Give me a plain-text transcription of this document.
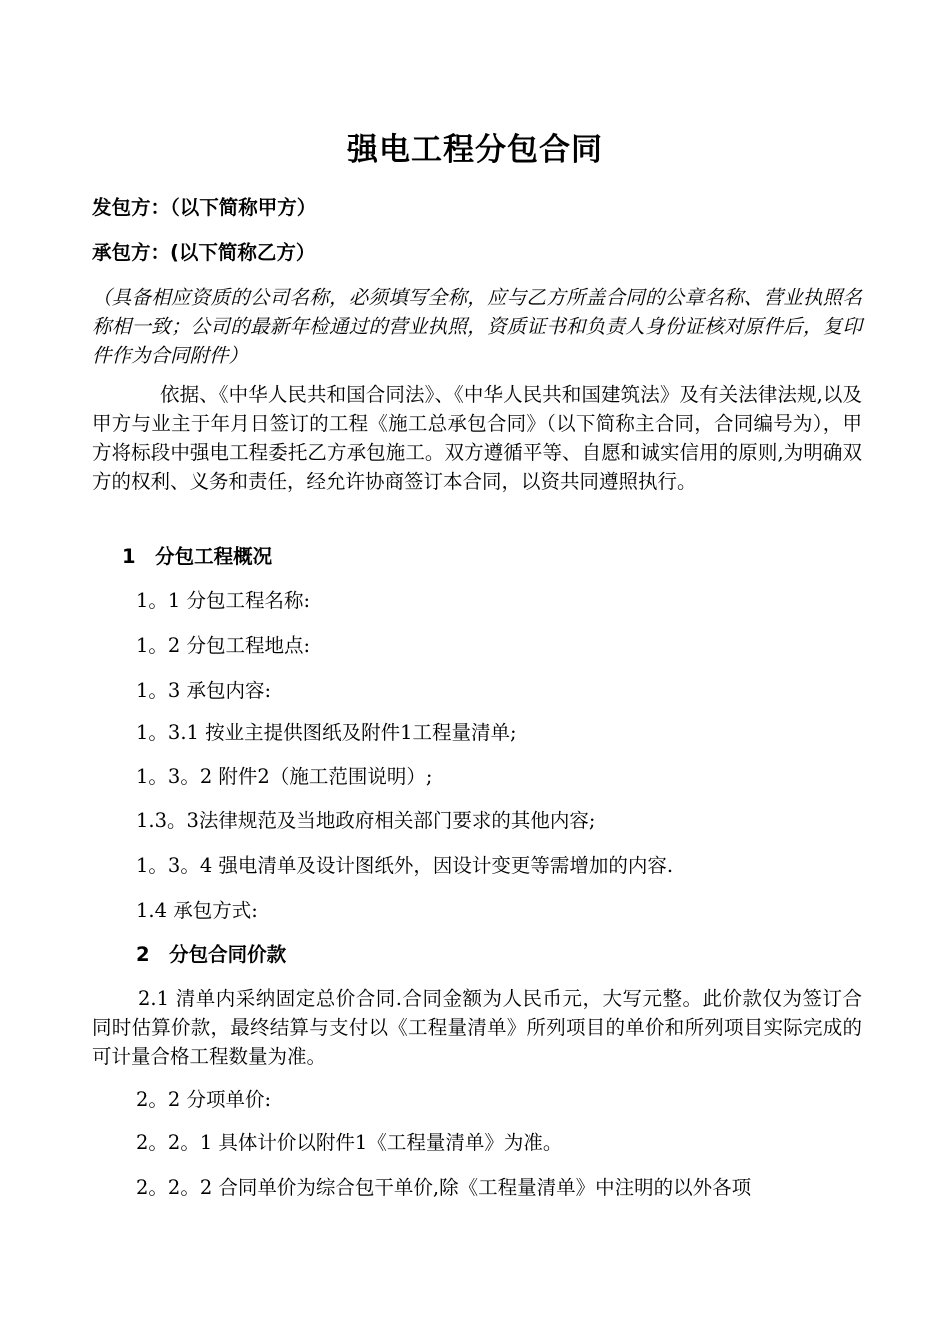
强电工程分包合同
发包方：（以下简称甲方）
承包方：(以下简称乙方）
（具备相应资质的公司名称，必须填写全称，应与乙方所盖合同的公章名称、营业执照名称相一致；公司的最新年检通过的营业执照，资质证书和负责人身份证核对原件后，复印件作为合同附件）
依据、《中华人民共和国合同法》、《中华人民共和国建筑法》及有关法律法规,以及甲方与业主于年月日签订的工程《施工总承包合同》（以下简称主合同，合同编号为），甲方将标段中强电工程委托乙方承包施工。双方遵循平等、自愿和诚实信用的原则,为明确双方的权利、义务和责任，经允许协商签订本合同，以资共同遵照执行。
1　分包工程概况
1。1 分包工程名称:
1。2 分包工程地点:
1。3 承包内容:
1。3.1 按业主提供图纸及附件1工程量清单;
1。3。2 附件2（施工范围说明）;
1.3。3法律规范及当地政府相关部门要求的其他内容;
1。3。4 强电清单及设计图纸外，因设计变更等需增加的内容.
1.4 承包方式:
2　分包合同价款
2.1 清单内采纳固定总价合同.合同金额为人民币元，大写元整。此价款仅为签订合同时估算价款，最终结算与支付以《工程量清单》所列项目的单价和所列项目实际完成的可计量合格工程数量为准。
2。2 分项单价:
2。2。1 具体计价以附件1《工程量清单》为准。
2。2。2 合同单价为综合包干单价,除《工程量清单》中注明的以外各项
